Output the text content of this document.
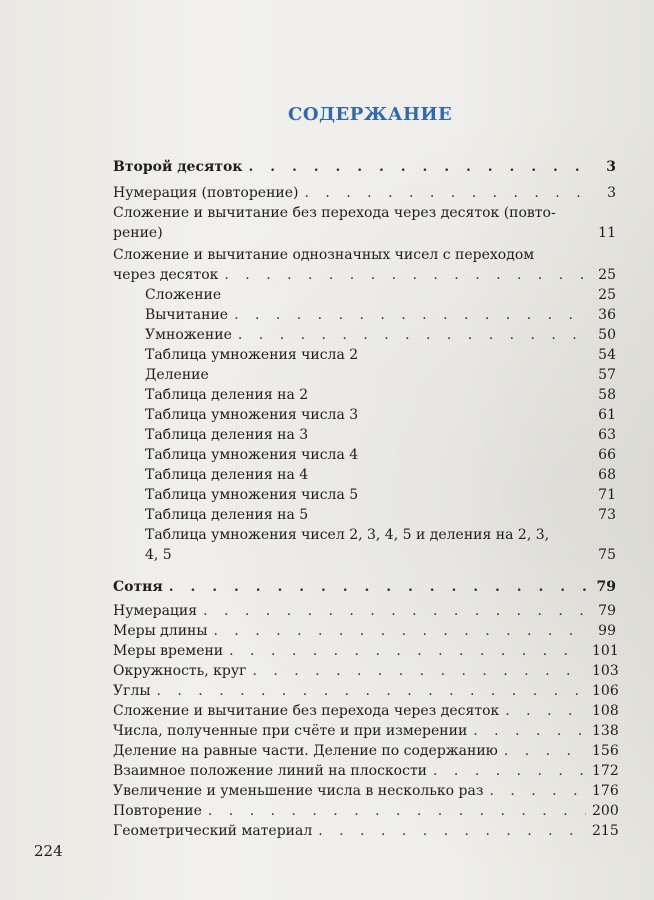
СОДЕРЖАНИЕ
Второй десяток . . .	3
Нумерация (повторение) . . .	3
Сложение и вычитание без перехода через десяток (повто-
рение)	11
Сложение и вычитание однозначных чисел с переходом
через десяток . . .	25
Сложение	25
Вычитание . . .	36
Умножение . . .	50
Таблица умножения числа 2	54
Деление	57
Таблица деления на 2	58
Таблица умножения числа 3	61
Таблица деления на 3	63
Таблица умножения числа 4	66
Таблица деления на 4	68
Таблица умножения числа 5	71
Таблица деления на 5	73
Таблица умножения чисел 2, 3, 4, 5 и деления на 2, 3,
4, 5	75
Сотня . . .	79
Нумерация . . .	79
Меры длины . . .	99
Меры времени . . .	101
Окружность, круг . . .	103
Углы . . .	106
Сложение и вычитание без перехода через десяток . . .	108
Числа, полученные при счёте и при измерении . . .	138
Деление на равные части. Деление по содержанию . . .	156
Взаимное положение линий на плоскости . . .	172
Увеличение и уменьшение числа в несколько раз . . .	176
Повторение . . .	200
Геометрический материал . . .	215
224
